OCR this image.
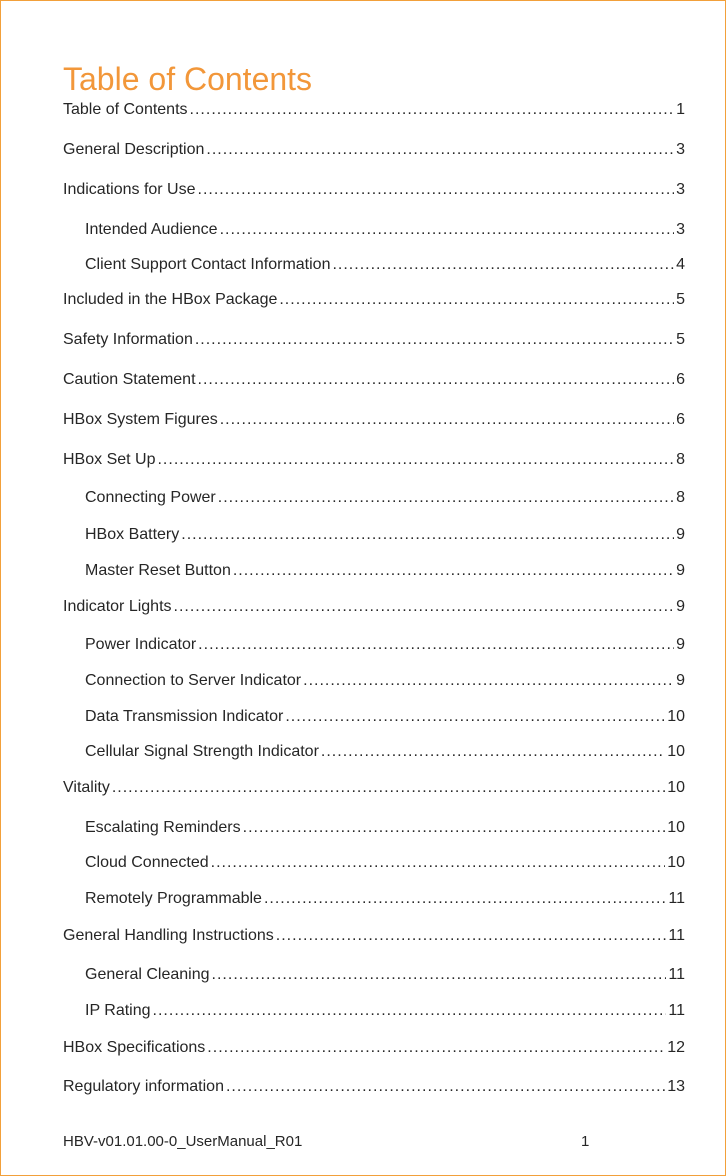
Table of Contents
Table of Contents .....	1
General Description .....	3
Indications for Use .....	3
Intended Audience .....	3
Client Support Contact Information .....	4
Included in the HBox Package .....	5
Safety Information .....	5
Caution Statement .....	6
HBox System Figures .....	6
HBox Set Up .....	8
Connecting Power .....	8
HBox Battery .....	9
Master Reset Button .....	9
Indicator Lights .....	9
Power Indicator .....	9
Connection to Server Indicator .....	9
Data Transmission Indicator .....	10
Cellular Signal Strength Indicator .....	10
Vitality .....	10
Escalating Reminders .....	10
Cloud Connected .....	10
Remotely Programmable .....	11
General Handling Instructions .....	11
General Cleaning .....	11
IP Rating .....	11
HBox Specifications .....	12
Regulatory information .....	13
HBV-v01.01.00-0_UserManual_R01	1
